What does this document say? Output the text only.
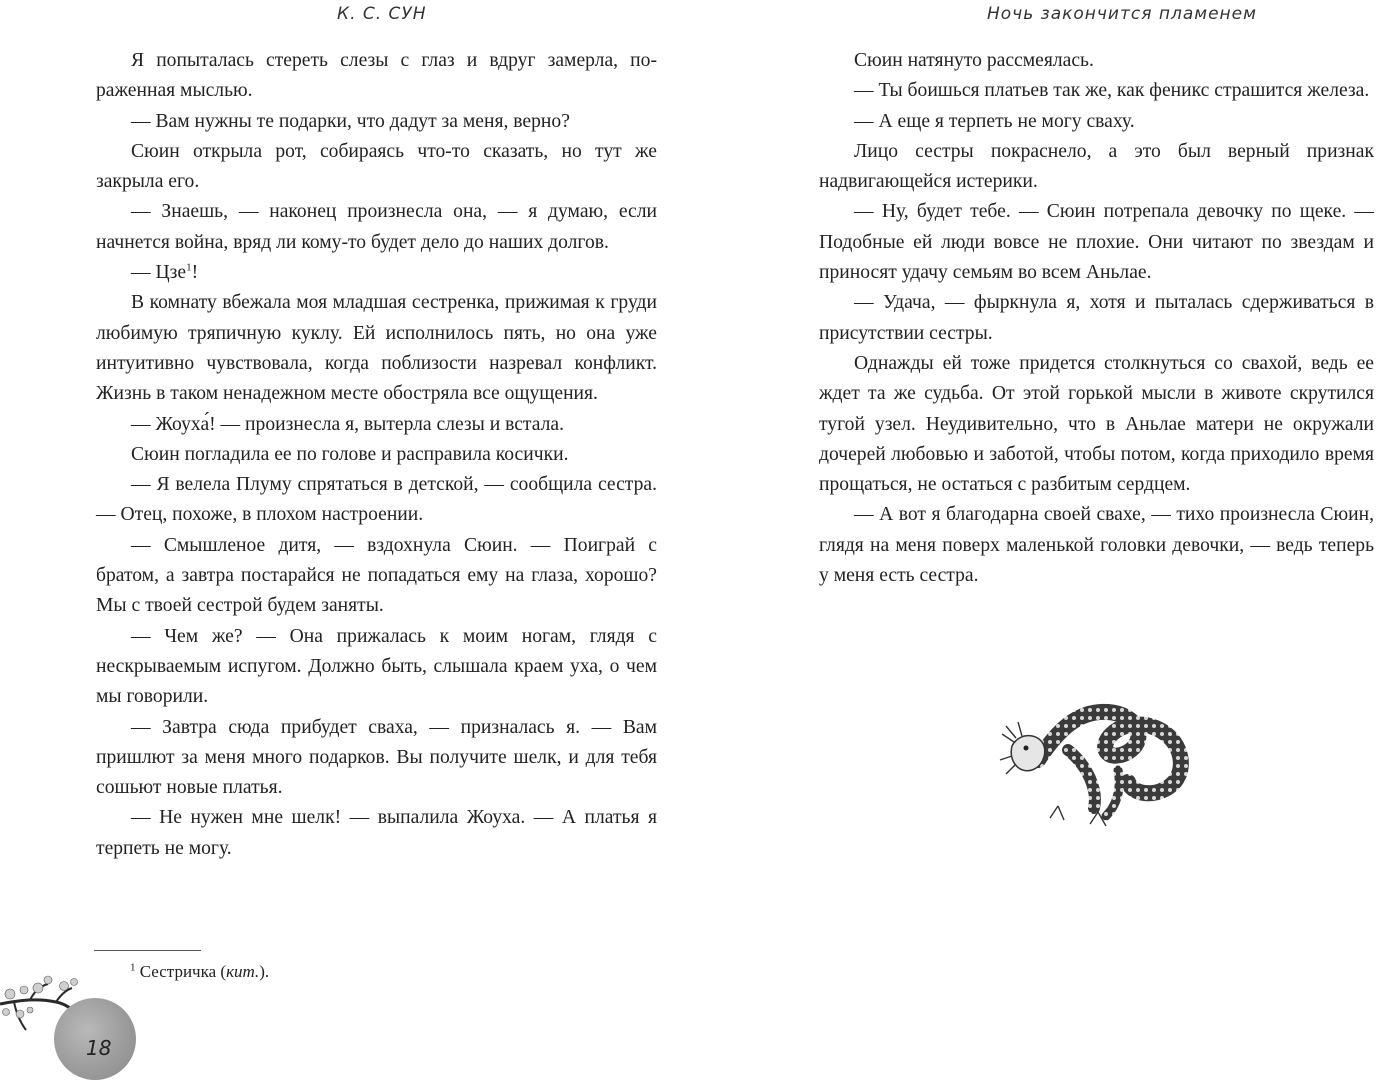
К. С. СУН

Я попыталась стереть слезы с глаз и вдруг замерла, пораженная мыслью.

— Вам нужны те подарки, что дадут за меня, верно?

Сюин открыла рот, собираясь что-то сказать, но тут же закрыла его.

— Знаешь, — наконец произнесла она, — я думаю, если начнется война, вряд ли кому-то будет дело до наших долгов.

— Цзе$^1$!

В комнату вбежала моя младшая сестренка, прижимая к груди любимую тряпичную куклу. Ей исполнилось пять, но она уже интуитивно чувствовала, когда поблизости назревал конфликт. Жизнь в таком ненадежном месте обостряла все ощущения.

— Жоуха́! — произнесла я, вытерла слезы и встала.

Сюин погладила ее по голове и расправила косички.

— Я велела Плуму спрятаться в детской, — сообщила сестра. — Отец, похоже, в плохом настроении.

— Смышленое дитя, — вздохнула Сюин. — Поиграй с братом, а завтра постарайся не попадаться ему на глаза, хорошо? Мы с твоей сестрой будем заняты.

— Чем же? — Она прижалась к моим ногам, глядя с нескрываемым испугом. Должно быть, слышала краем уха, о чем мы говорили.

— Завтра сюда прибудет сваха, — призналась я. — Вам пришлют за меня много подарков. Вы получите шелк, и для тебя сошьют новые платья.

— Не нужен мне шелк! — выпалила Жоуха. — А платья я терпеть не могу.

$^1$ Сестричка (кит.).
18
Ночь закончится пламенем

Сюин натянуто рассмеялась.

— Ты боишься платьев так же, как феникс страшится железа.

— А еще я терпеть не могу сваху.

Лицо сестры покраснело, а это был верный признак надвигающейся истерики.

— Ну, будет тебе. — Сюин потрепала девочку по щеке. — Подобные ей люди вовсе не плохие. Они читают по звездам и приносят удачу семьям во всем Аньлае.

— Удача, — фыркнула я, хотя и пыталась сдерживаться в присутствии сестры.

Однажды ей тоже придется столкнуться со свахой, ведь ее ждет та же судьба. От этой горькой мысли в животе скрутился тугой узел. Неудивительно, что в Аньлае матери не окружали дочерей любовью и заботой, чтобы потом, когда приходило время прощаться, не остаться с разбитым сердцем.

— А вот я благодарна своей свахе, — тихо произнесла Сюин, глядя на меня поверх маленькой головки девочки, — ведь теперь у меня есть сестра.
